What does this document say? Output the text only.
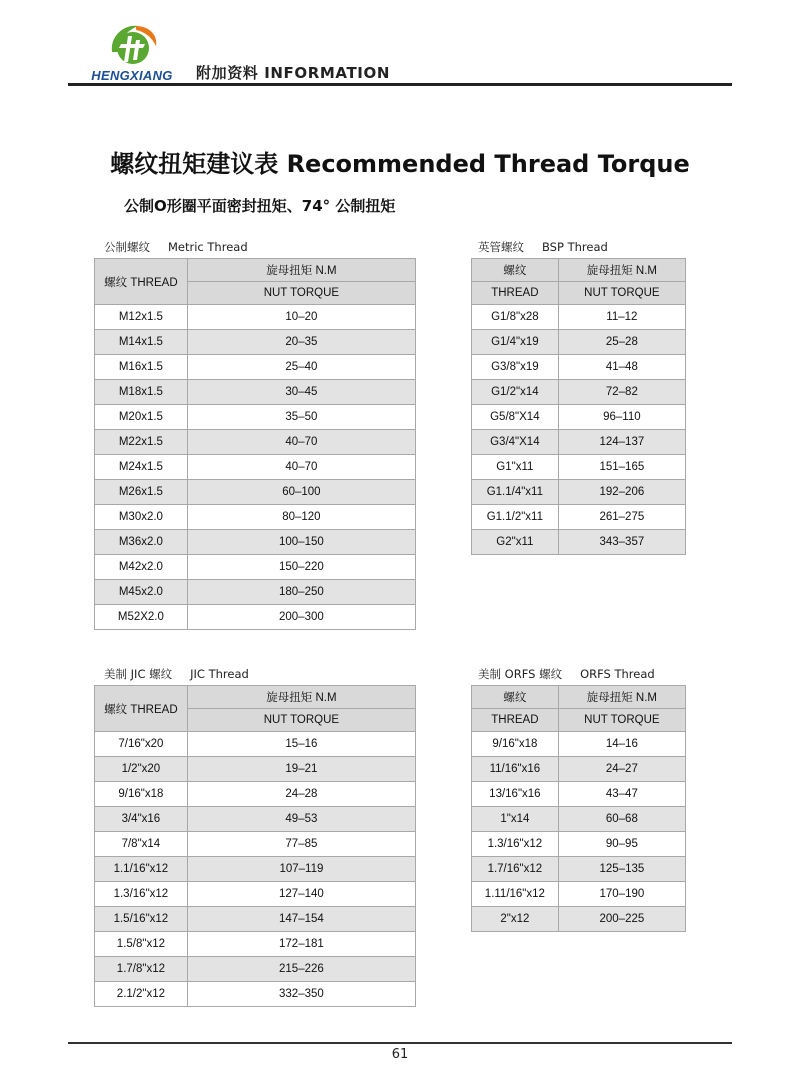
HENGXIANG 附加资料 INFORMATION
螺纹扭矩建议表 Recommended Thread Torque
公制O形圈平面密封扭矩、74° 公制扭矩
公制螺纹 Metric Thread
螺纹 THREAD	旋母扭矩 N.M
	NUT TORQUE
M12x1.5	10–20
M14x1.5	20–35
M16x1.5	25–40
M18x1.5	30–45
M20x1.5	35–50
M22x1.5	40–70
M24x1.5	40–70
M26x1.5	60–100
M30x2.0	80–120
M36x2.0	100–150
M42x2.0	150–220
M45x2.0	180–250
M52X2.0	200–300
英管螺纹 BSP Thread
螺纹	旋母扭矩 N.M
THREAD	NUT TORQUE
G1/8"x28	11–12
G1/4"x19	25–28
G3/8"x19	41–48
G1/2"x14	72–82
G5/8"X14	96–110
G3/4"X14	124–137
G1"x11	151–165
G1.1/4"x11	192–206
G1.1/2"x11	261–275
G2"x11	343–357
美制 JIC 螺纹 JIC Thread
螺纹 THREAD	旋母扭矩 N.M
	NUT TORQUE
7/16"x20	15–16
1/2"x20	19–21
9/16"x18	24–28
3/4"x16	49–53
7/8"x14	77–85
1.1/16"x12	107–119
1.3/16"x12	127–140
1.5/16"x12	147–154
1.5/8"x12	172–181
1.7/8"x12	215–226
2.1/2"x12	332–350
美制 ORFS 螺纹 ORFS Thread
螺纹	旋母扭矩 N.M
THREAD	NUT TORQUE
9/16"x18	14–16
11/16"x16	24–27
13/16"x16	43–47
1"x14	60–68
1.3/16"x12	90–95
1.7/16"x12	125–135
1.11/16"x12	170–190
2"x12	200–225
61
